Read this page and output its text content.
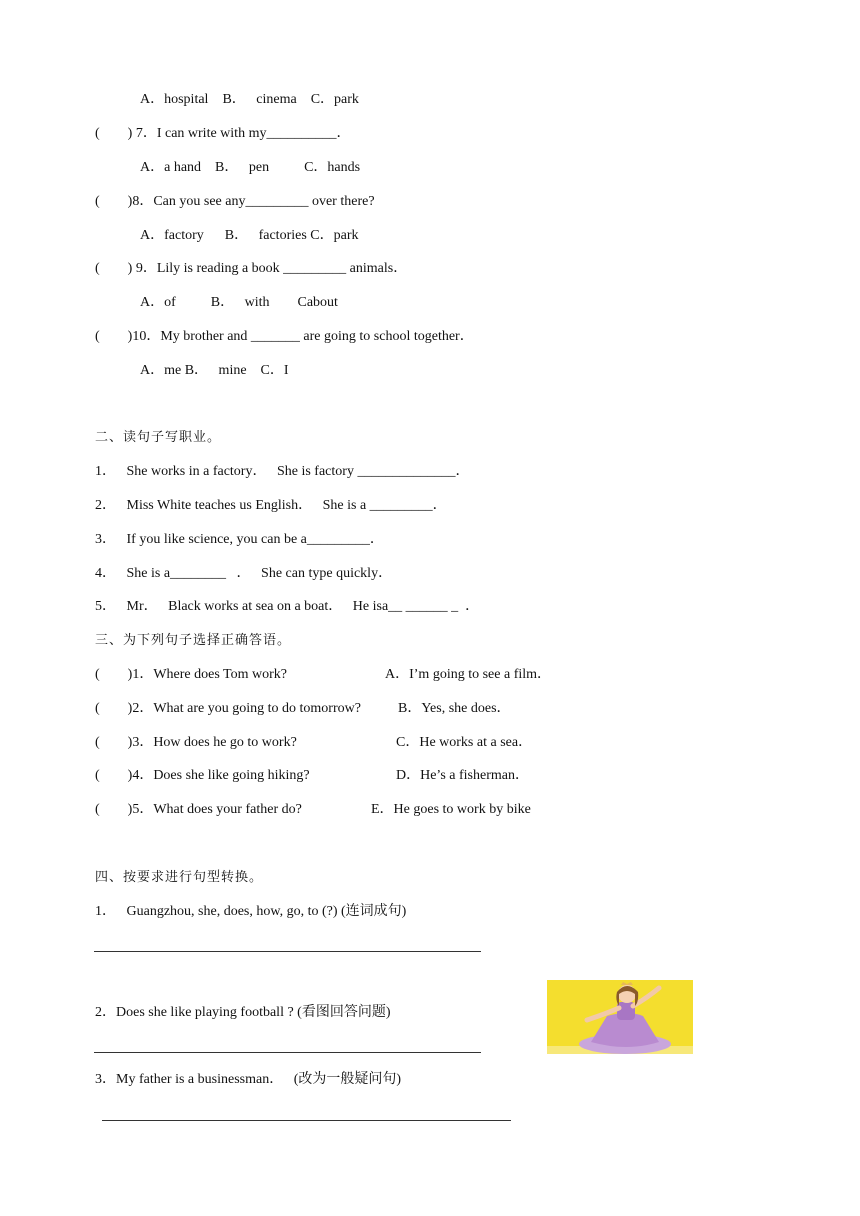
A．hospital    B．   cinema    C．park
(        ) 7．I can write with my__________．
A．a hand    B．   pen          C．hands
(        )8．Can you see any_________ over there?
A．factory      B．   factories C．park
(        ) 9．Lily is reading a book _________ animals．
A．of          B．   with        Cabout
(        )10．My brother and _______ are going to school together．
A．me B．   mine    C．I
二、读句子写职业。
1．   She works in a factory．   She is factory ______________．
2．   Miss White teaches us English．   She is a _________．
3．   If you like science, you can be a_________．
4．   She is a________   ．   She can type quickly．
5．   Mr．   Black works at sea on a boat．   He isa__ ______ _  ．
三、为下列句子选择正确答语。
(        )1．Where does Tom work?	A．I’m going to see a film．
(        )2．What are you going to do tomorrow?	B．Yes, she does．
(        )3．How does he go to work?	C．He works at a sea．
(        )4．Does she like going hiking?	D．He’s a fisherman．
(        )5．What does your father do?	E．He goes to work by bike
四、按要求进行句型转换。
1．   Guangzhou, she, does, how, go, to (?) (连词成句)
2．Does she like playing football ? (看图回答问题)
3．My father is a businessman．   (改为一般疑问句)
